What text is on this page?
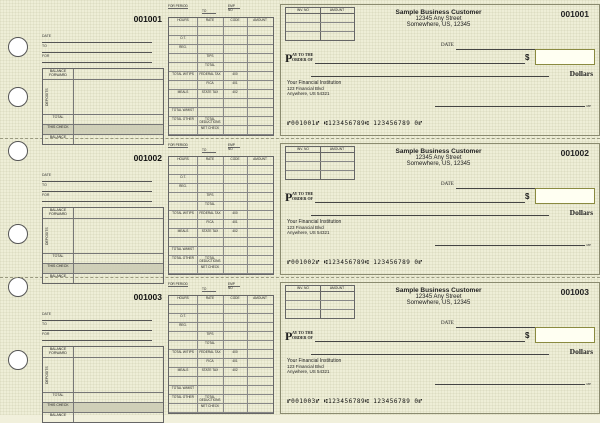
001001
DATE
TO
FOR
BALANCE FORWARD
DEPOSITS
TOTAL
THIS CHECK
BALANCE
FOR PERIOD	EMP NO
TO
HOURS	RATE	CODE	AMOUNT
O.T.
REG.
TIPS
TOTAL
TOTAL W/TIPS	FEDERAL TAX	400
FICA	401
MEALS	STATE TAX	402
TOTAL W/MIST
TOTAL OTHER	TOTAL DEDUCTIONS
NET CHECK
INV. NO	AMOUNT	Sample Business Customer
12345 Any Street
Somewhere, US, 12345
001001
DATE
P AY TO THE
ORDER OF	$
Dollars
Your Financial Institution
123 Financial Blvd
Anywhere, US 54321
MP
⑈001001⑈ ⑆123456789⑆ 123456789 0⑈
001002
DATE
TO
FOR
BALANCE FORWARD
DEPOSITS
TOTAL
THIS CHECK
BALANCE
FOR PERIOD	EMP NO
TO
HOURS	RATE	CODE	AMOUNT
O.T.
REG.
TIPS
TOTAL
TOTAL W/TIPS	FEDERAL TAX	400
FICA	401
MEALS	STATE TAX	402
TOTAL W/MIST
TOTAL OTHER	TOTAL DEDUCTIONS
NET CHECK
INV. NO	AMOUNT	Sample Business Customer
12345 Any Street
Somewhere, US, 12345
001002
DATE
P AY TO THE
ORDER OF	$
Dollars
Your Financial Institution
123 Financial Blvd
Anywhere, US 54321
MP
⑈001002⑈ ⑆123456789⑆ 123456789 0⑈
001003
DATE
TO
FOR
BALANCE FORWARD
DEPOSITS
TOTAL
THIS CHECK
BALANCE
FOR PERIOD	EMP NO
TO
HOURS	RATE	CODE	AMOUNT
O.T.
REG.
TIPS
TOTAL
TOTAL W/TIPS	FEDERAL TAX	400
FICA	401
MEALS	STATE TAX	402
TOTAL W/MIST
TOTAL OTHER	TOTAL DEDUCTIONS
NET CHECK
INV. NO	AMOUNT	Sample Business Customer
12345 Any Street
Somewhere, US, 12345
001003
DATE
P AY TO THE
ORDER OF	$
Dollars
Your Financial Institution
123 Financial Blvd
Anywhere, US 54321
MP
⑈001003⑈ ⑆123456789⑆ 123456789 0⑈
